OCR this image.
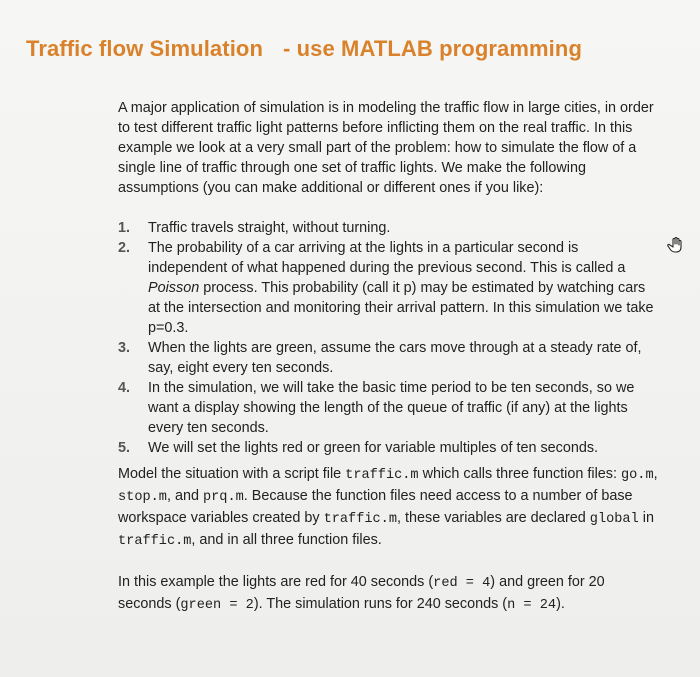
Traffic flow Simulation - use MATLAB programming

A major application of simulation is in modeling the traffic flow in large cities, in order to test different traffic light patterns before inflicting them on the real traffic. In this example we look at a very small part of the problem: how to simulate the flow of a single line of traffic through one set of traffic lights. We make the following assumptions (you can make additional or different ones if you like):

1. Traffic travels straight, without turning.
2. The probability of a car arriving at the lights in a particular second is independent of what happened during the previous second. This is called a Poisson process. This probability (call it p) may be estimated by watching cars at the intersection and monitoring their arrival pattern. In this simulation we take p=0.3.
3. When the lights are green, assume the cars move through at a steady rate of, say, eight every ten seconds.
4. In the simulation, we will take the basic time period to be ten seconds, so we want a display showing the length of the queue of traffic (if any) at the lights every ten seconds.
5. We will set the lights red or green for variable multiples of ten seconds.

Model the situation with a script file traffic.m which calls three function files: go.m, stop.m, and prq.m. Because the function files need access to a number of base workspace variables created by traffic.m, these variables are declared global in traffic.m, and in all three function files.

In this example the lights are red for 40 seconds (red = 4) and green for 20 seconds (green = 2). The simulation runs for 240 seconds (n = 24).
